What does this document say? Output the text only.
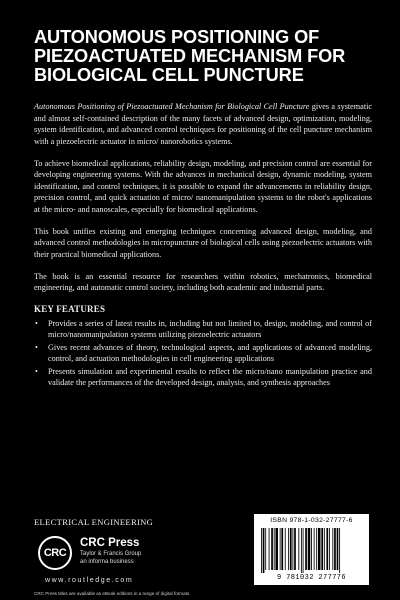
AUTONOMOUS POSITIONING OF
PIEZOACTUATED MECHANISM FOR
BIOLOGICAL CELL PUNCTURE

Autonomous Positioning of Piezoactuated Mechanism for Biological Cell Puncture gives a systematic and almost self-contained description of the many facets of advanced design, optimization, modeling, system identification, and advanced control techniques for positioning of the cell puncture mechanism with a piezoelectric actuator in micro/ nanorobotics systems.

To achieve biomedical applications, reliability design, modeling, and precision control are essential for developing engineering systems. With the advances in mechanical design, dynamic modeling, system identification, and control techniques, it is possible to expand the advancements in reliability design, precision control, and quick actuation of micro/ nanomanipulation systems to the robot's applications at the micro- and nanoscales, especially for biomedical applications.

This book unifies existing and emerging techniques concerning advanced design, modeling, and advanced control methodologies in micropuncture of biological cells using piezoelectric actuators with their practical biomedical applications.

The book is an essential resource for researchers within robotics, mechatronics, biomedical engineering, and automatic control society, including both academic and industrial parts.

KEY FEATURES
• Provides a series of latest results in, including but not limited to, design, modeling, and control of micro/nanomanipulation systems utilizing piezoelectric actuators
• Gives recent advances of theory, technological aspects, and applications of advanced modeling, control, and actuation methodologies in cell engineering applications
• Presents simulation and experimental results to reflect the micro/nano manipulation practice and validate the performances of the developed design, analysis, and synthesis approaches
ELECTRICAL ENGINEERING
CRC
CRC Press
Taylor & Francis Group
an informa business
www.routledge.com
CRC Press titles are available as eBook editions in a range of digital formats
ISBN 978-1-032-27777-6
9 781032 277776
